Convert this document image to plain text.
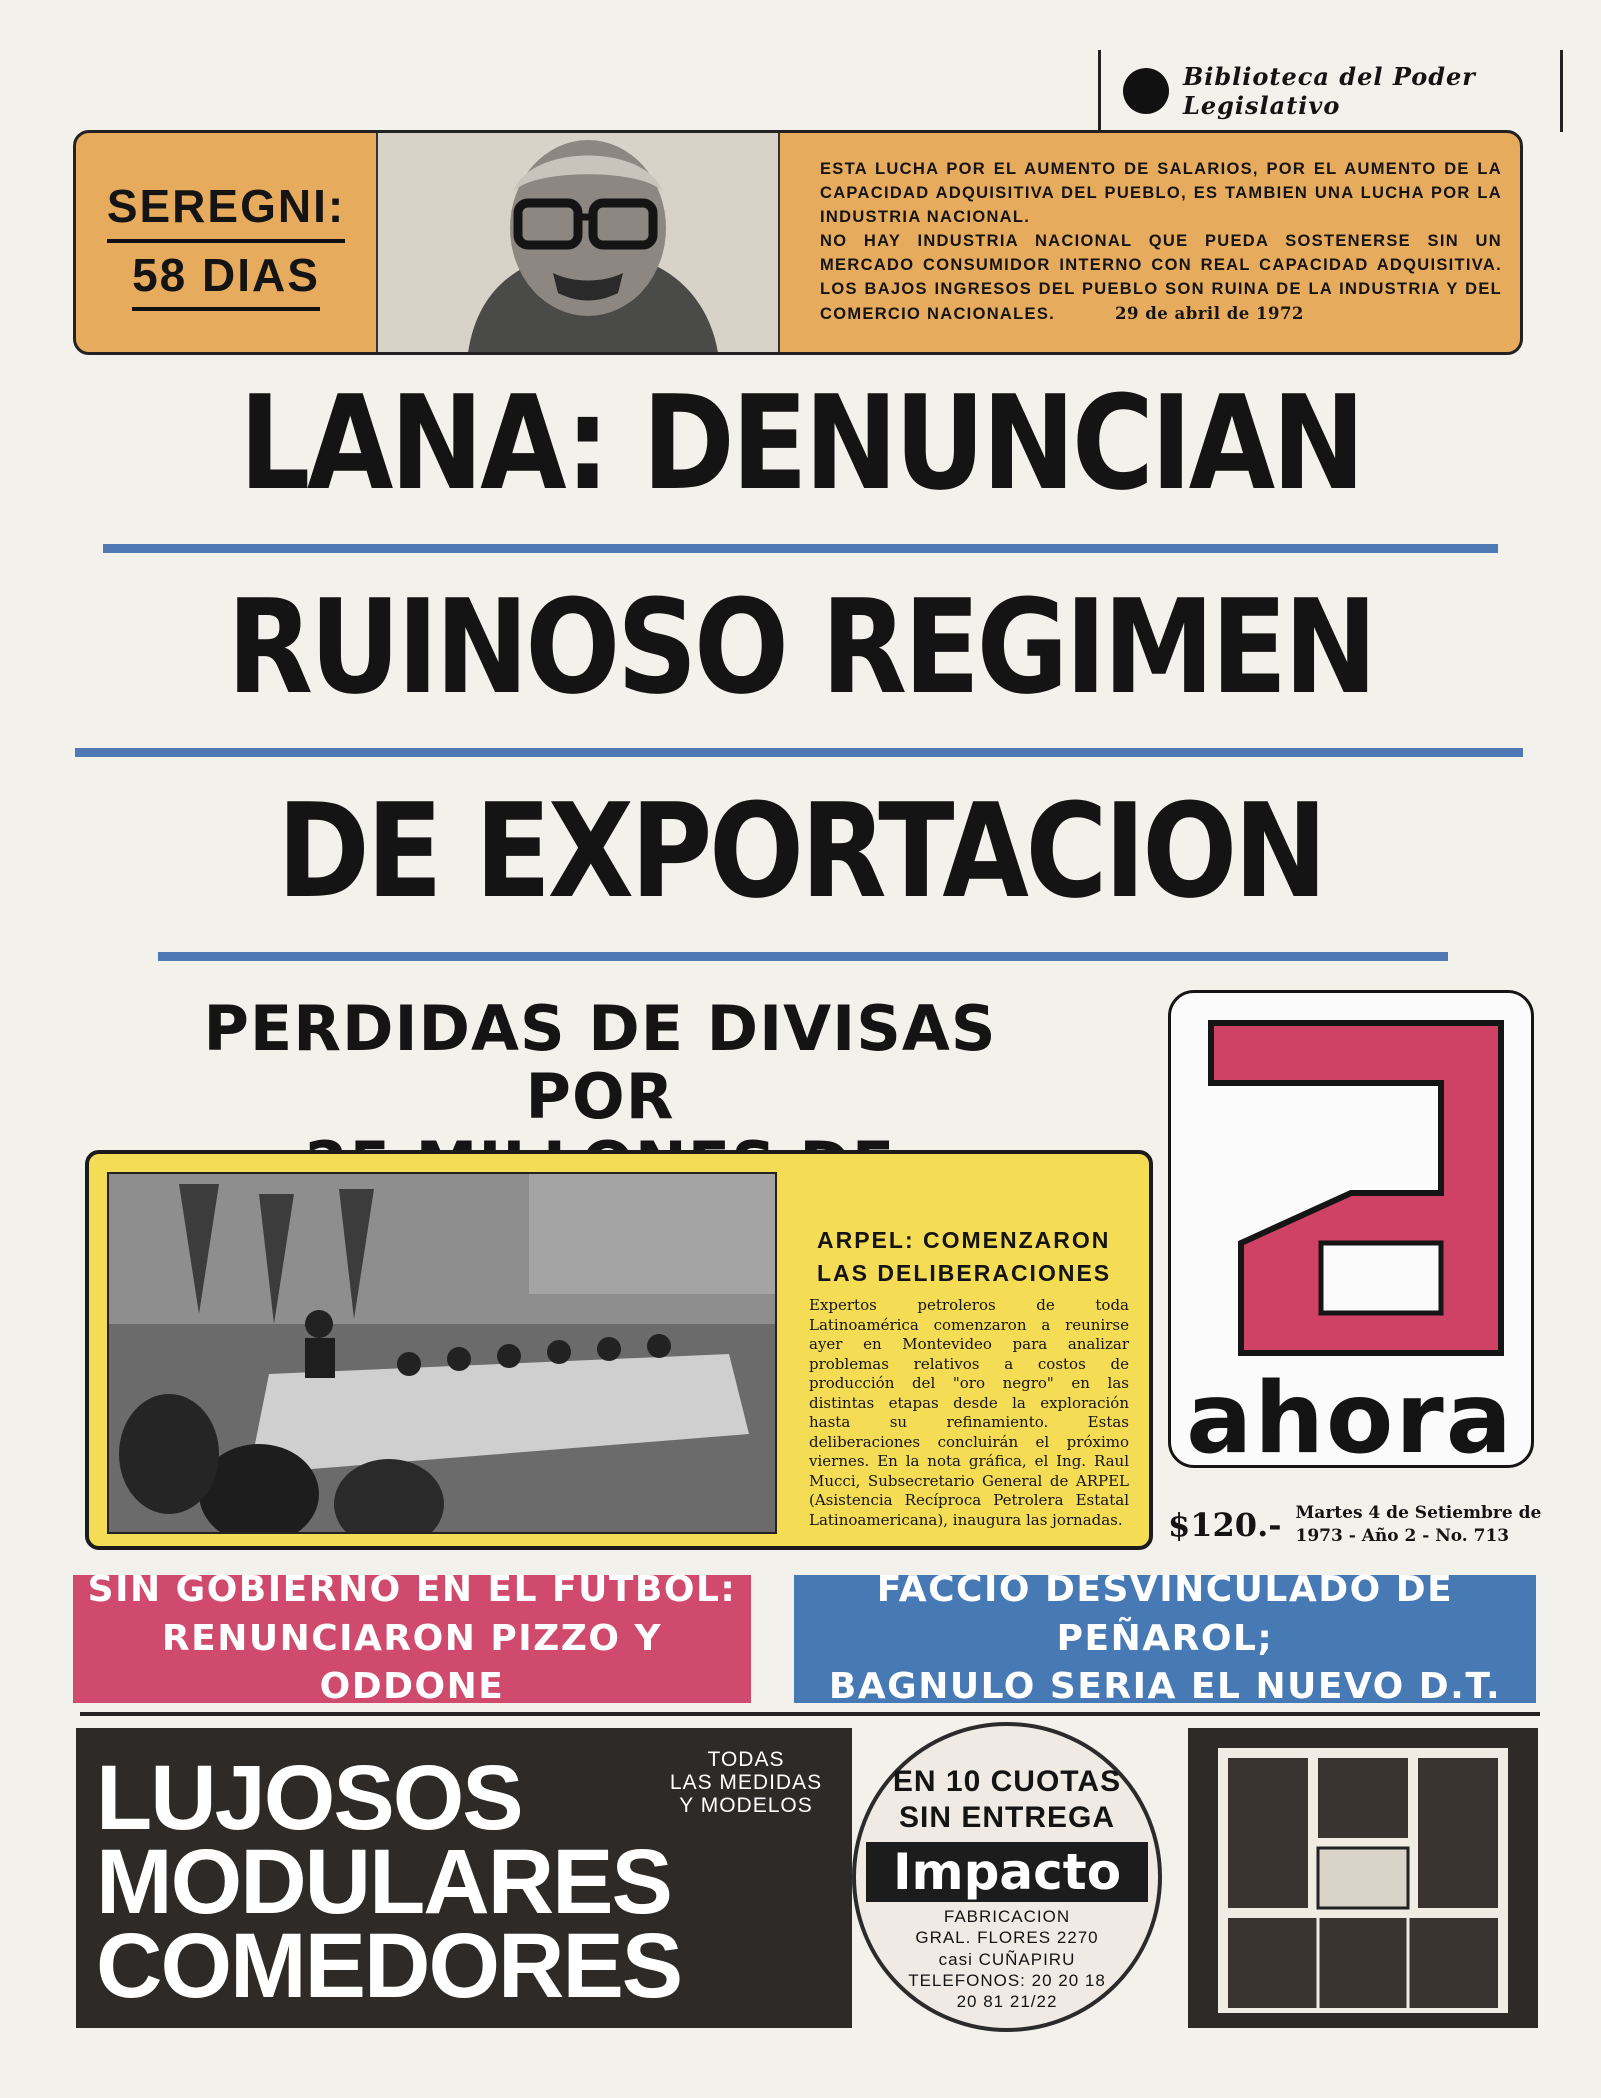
Biblioteca del Poder Legislativo
SEREGNI:
58 DIAS

ESTA LUCHA POR EL AUMENTO DE SALARIOS, POR EL AUMENTO DE LA CAPACIDAD ADQUISITIVA DEL PUEBLO, ES TAMBIEN UNA LUCHA POR LA INDUSTRIA NACIONAL.

NO HAY INDUSTRIA NACIONAL QUE PUEDA SOSTENERSE SIN UN MERCADO CONSUMIDOR INTERNO CON REAL CAPACIDAD ADQUISITIVA. LOS BAJOS INGRESOS DEL PUEBLO SON RUINA DE LA INDUSTRIA Y DEL COMERCIO NACIONALES.	29 de abril de 1972

LANA: DENUNCIAN
RUINOSO REGIMEN
DE EXPORTACION
PERDIDAS DE DIVISAS POR
ahora
$120.- Martes 4 de Setiembre de
1973 - Año 2 - No. 713
ARPEL: COMENZARON
LAS DELIBERACIONES
Expertos petroleros de toda Latinoamérica comenzaron a reunirse ayer en Montevideo para analizar problemas relativos a costos de producción del "oro negro" en las distintas etapas desde la exploración hasta su refinamiento. Estas deliberaciones concluirán el próximo viernes. En la nota gráfica, el Ing. Raul Mucci, Subsecretario General de ARPEL (Asistencia Recíproca Petrolera Estatal Latinoamericana), inaugura las jornadas.
SIN GOBIERNO EN EL FUTBOL:
RENUNCIARON PIZZO Y ODDONE
FACCIO DESVINCULADO DE PEÑAROL;
BAGNULO SERIA EL NUEVO D.T.
LUJOSOS
MODULARES
COMEDORES
TODAS
LAS MEDIDAS
Y MODELOS
EN 10 CUOTAS
SIN ENTREGA
Impacto
FABRICACION
GRAL. FLORES 2270
casi CUÑAPIRU
TELEFONOS: 20 20 18
20 81 21/22
